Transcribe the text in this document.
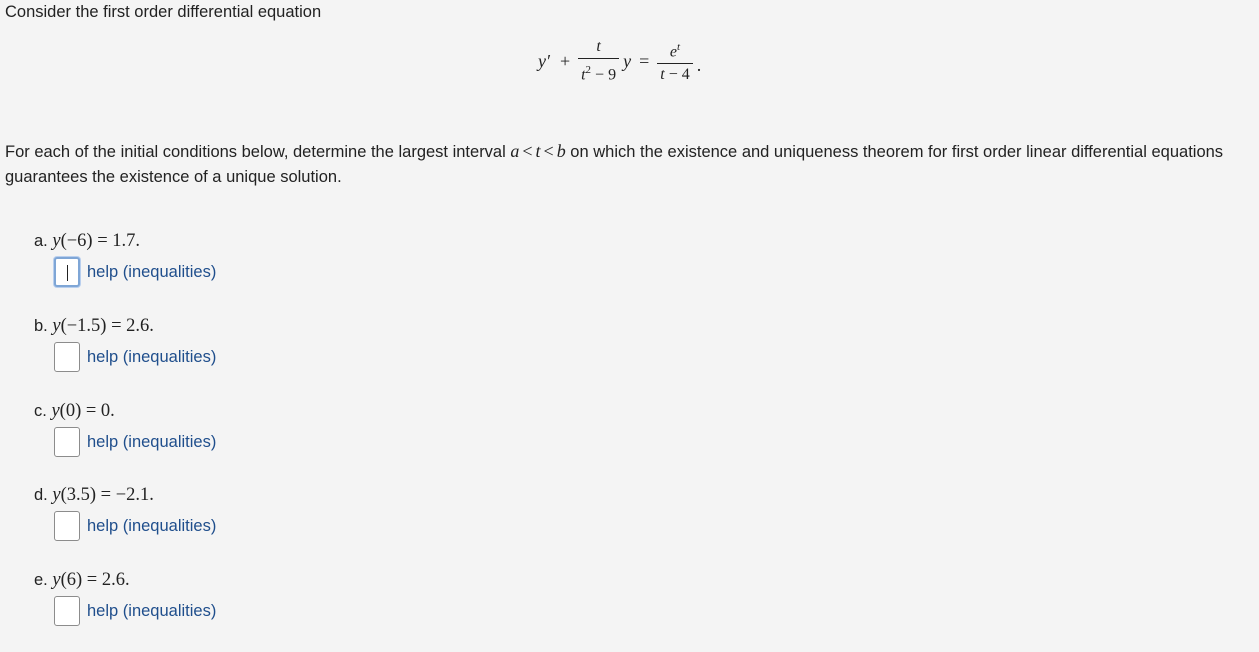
Consider the first order differential equation
$y' + \frac{t}{t^2 - 9}$ $y = \frac{e^t}{t - 4}$ .
For each of the initial conditions below, determine the largest interval a < t < b on which the existence and uniqueness theorem for first order linear differential equations guarantees the existence of a unique solution.
a. y(−6) = 1.7.
help (inequalities)
b. y(−1.5) = 2.6.
help (inequalities)
c. y(0) = 0.
help (inequalities)
d. y(3.5) = −2.1.
help (inequalities)
e. y(6) = 2.6.
help (inequalities)
